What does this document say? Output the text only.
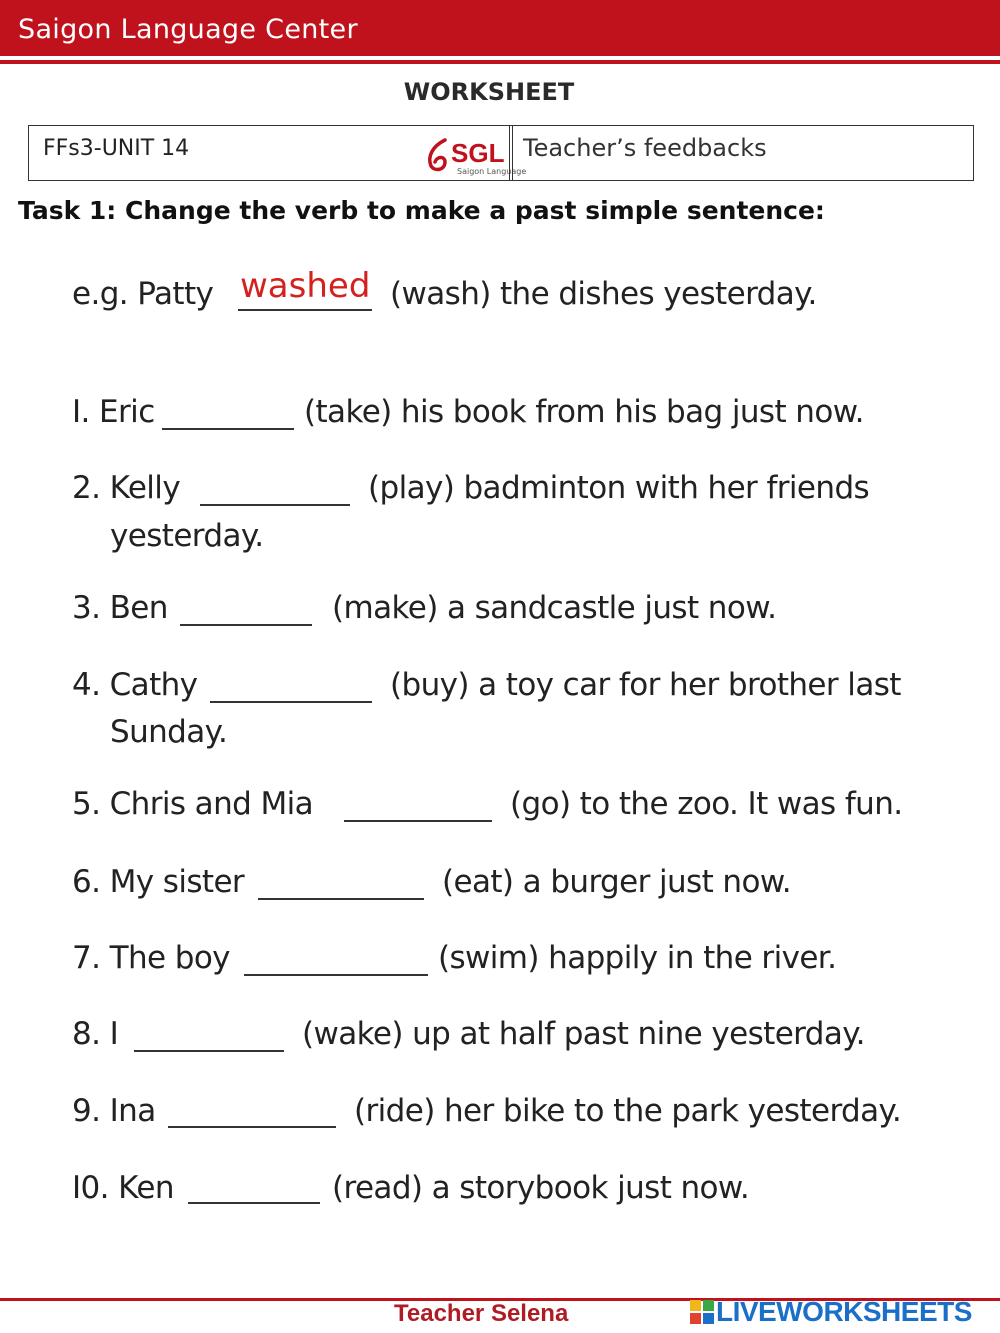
Saigon Language Center
WORKSHEET
FFs3-UNIT 14	SGL
Saigon Language
Teacher’s feedbacks
Task 1: Change the verb to make a past simple sentence:
e.g. Patty washed (wash) the dishes yesterday.
I. Eric	(take) his book from his bag just now.
2. Kelly	(play) badminton with her friends
yesterday.
3. Ben	(make) a sandcastle just now.
4. Cathy	(buy) a toy car for her brother last
Sunday.
5. Chris and Mia	(go) to the zoo. It was fun.
6. My sister	(eat) a burger just now.
7. The boy	(swim) happily in the river.
8. I	(wake) up at half past nine yesterday.
9. Ina	(ride) her bike to the park yesterday.
I0. Ken	(read) a storybook just now.
Teacher Selena	LIVEWORKSHEETS
